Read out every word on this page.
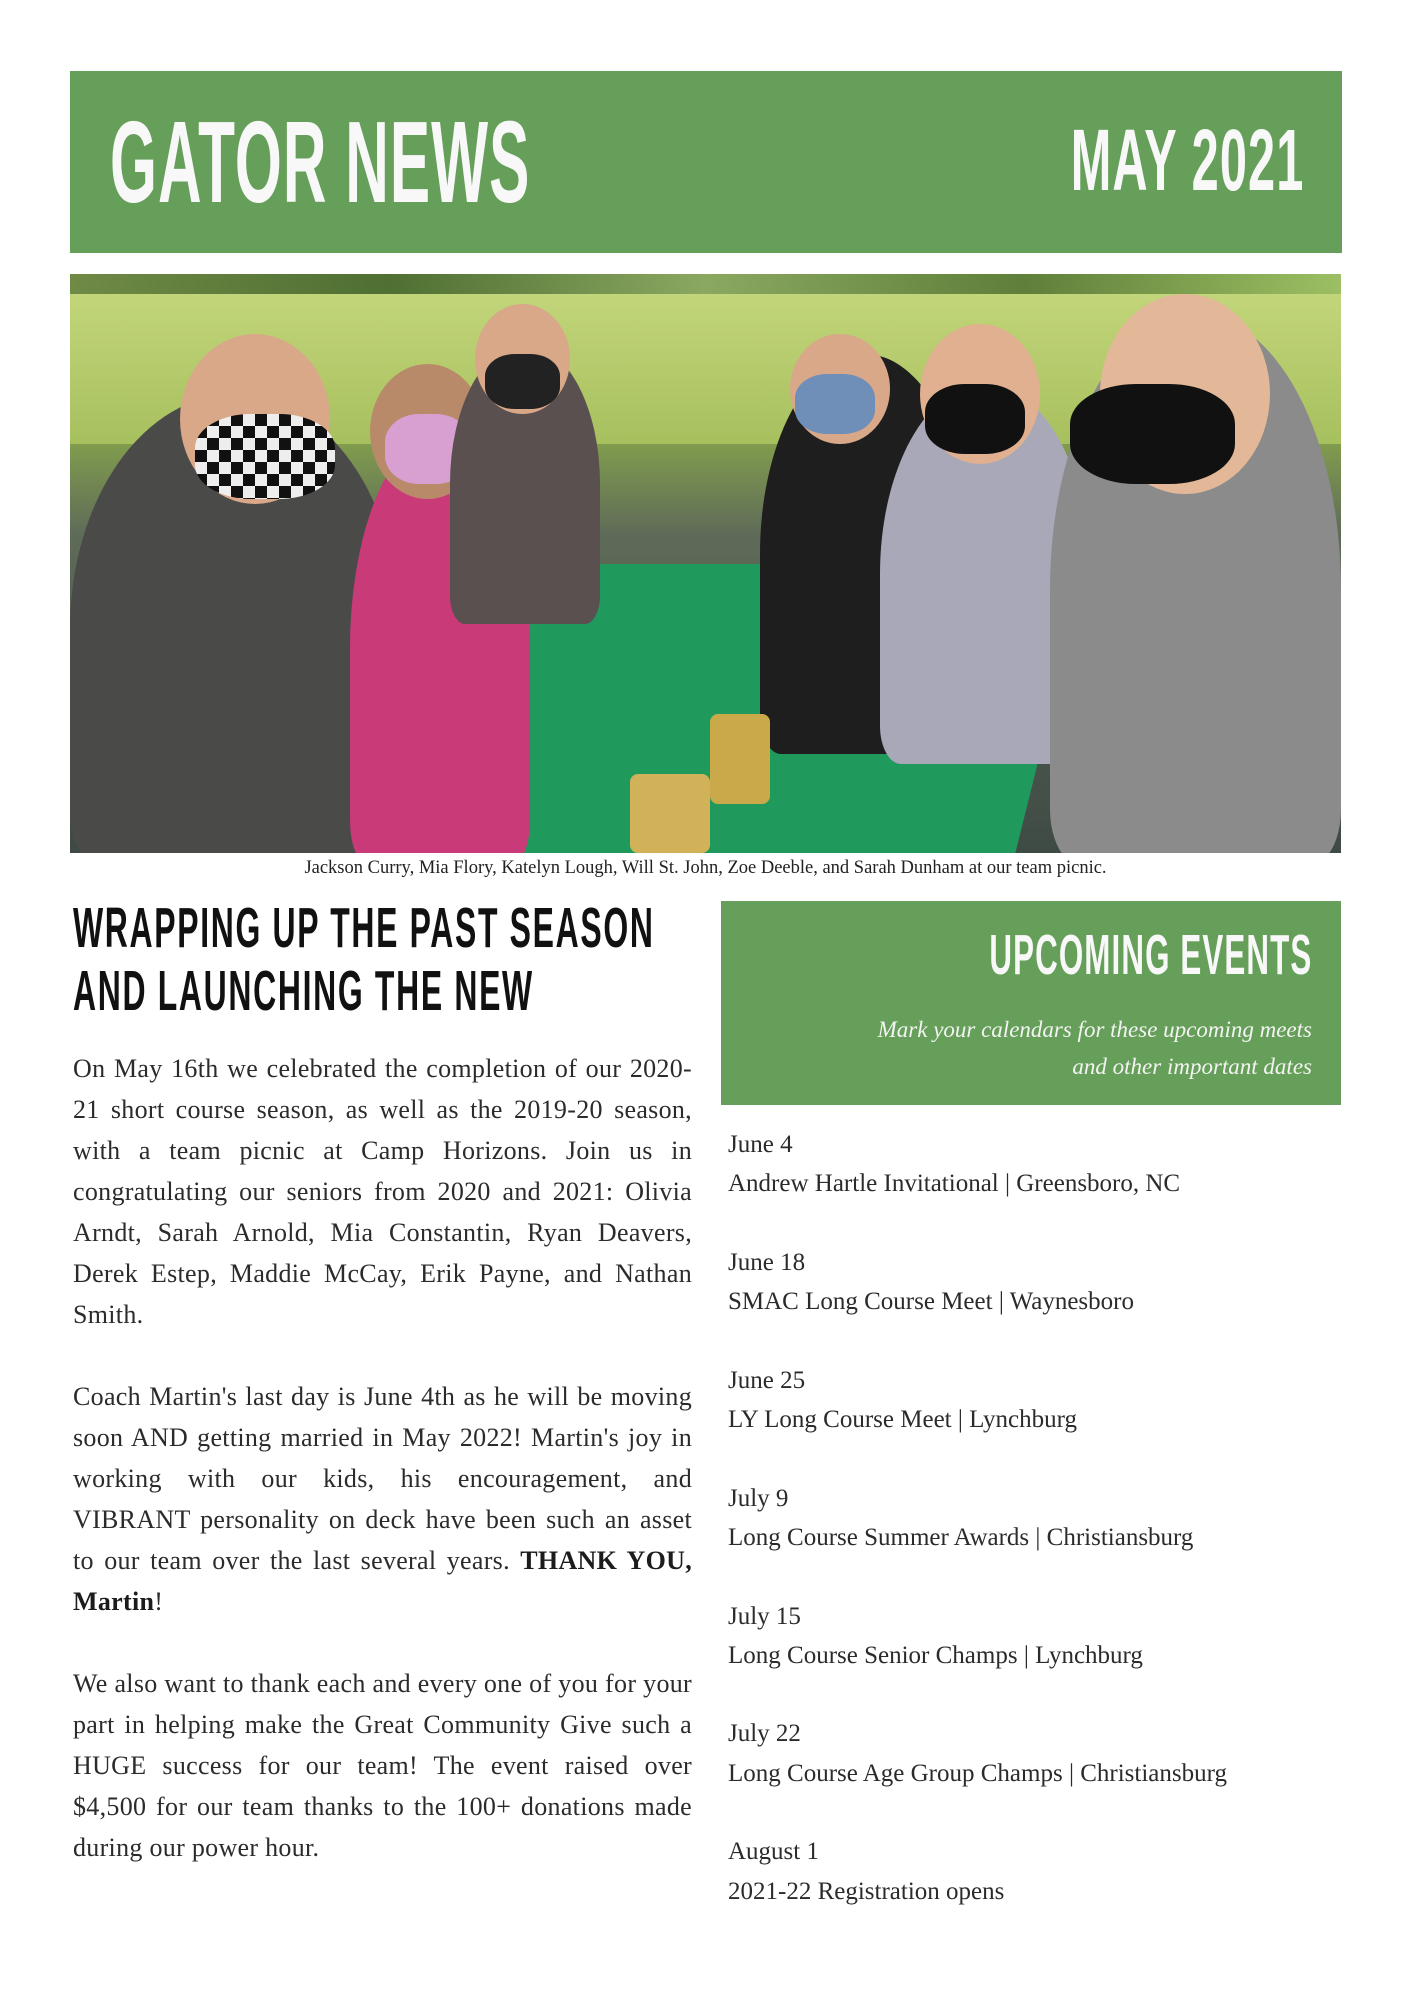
GATOR NEWS	MAY 2021
Jackson Curry, Mia Flory, Katelyn Lough, Will St. John, Zoe Deeble, and Sarah Dunham at our team picnic.
WRAPPING UP THE PAST SEASON
AND LAUNCHING THE NEW

On May 16th we celebrated the completion of our 2020-21 short course season, as well as the 2019-20 season, with a team picnic at Camp Horizons. Join us in congratulating our seniors from 2020 and 2021: Olivia Arndt, Sarah Arnold, Mia Constantin, Ryan Deavers, Derek Estep, Maddie McCay, Erik Payne, and Nathan Smith.

Coach Martin's last day is June 4th as he will be moving soon AND getting married in May 2022! Martin's joy in working with our kids, his encouragement, and VIBRANT personality on deck have been such an asset to our team over the last several years. THANK YOU, Martin!

We also want to thank each and every one of you for your part in helping make the Great Community Give such a HUGE success for our team! The event raised over $4,500 for our team thanks to the 100+ donations made during our power hour.

UPCOMING EVENTS
Mark your calendars for these upcoming meets
and other important dates
June 4
Andrew Hartle Invitational | Greensboro, NC
June 18
SMAC Long Course Meet | Waynesboro
June 25
LY Long Course Meet | Lynchburg
July 9
Long Course Summer Awards | Christiansburg
July 15
Long Course Senior Champs | Lynchburg
July 22
Long Course Age Group Champs | Christiansburg
August 1
2021-22 Registration opens
